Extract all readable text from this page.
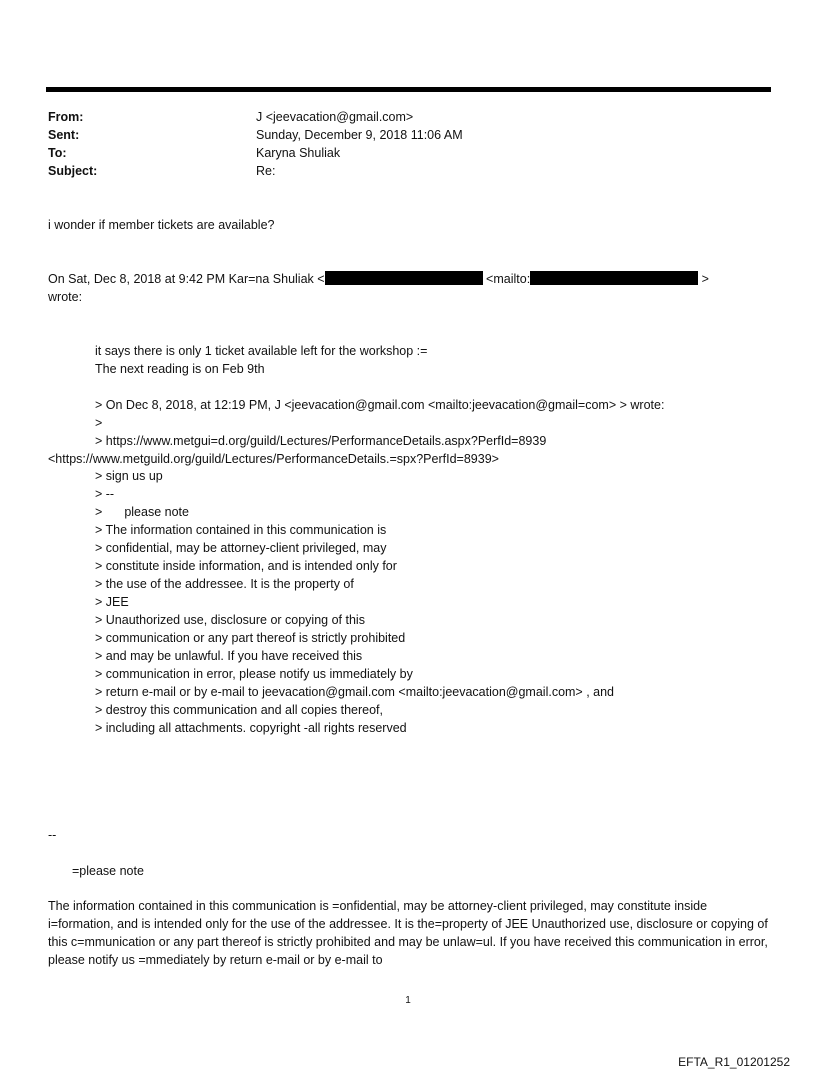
From:	J <jeevacation@gmail.com>
Sent:	Sunday, December 9, 2018 11:06 AM
To:	Karyna Shuliak
Subject:	Re:
i wonder if member tickets are available?
On Sat, Dec 8, 2018 at 9:42 PM Kar=na Shuliak <	<mailto:	>
wrote:
it says there is only 1 ticket available left for the workshop :=
The next reading is on Feb 9th
> On Dec 8, 2018, at 12:19 PM, J <jeevacation@gmail.com <mailto:jeevacation@gmail=com> > wrote:
>
> https://www.metgui=d.org/guild/Lectures/PerformanceDetails.aspx?PerfId=8939
<https://www.metguild.org/guild/Lectures/PerformanceDetails.=spx?PerfId=8939>
> sign us up
> --
> please note
> The information contained in this communication is
> confidential, may be attorney-client privileged, may
> constitute inside information, and is intended only for
> the use of the addressee. It is the property of
> JEE
> Unauthorized use, disclosure or copying of this
> communication or any part thereof is strictly prohibited
> and may be unlawful. If you have received this
> communication in error, please notify us immediately by
> return e-mail or by e-mail to jeevacation@gmail.com <mailto:jeevacation@gmail.com> , and
> destroy this communication and all copies thereof,
> including all attachments. copyright -all rights reserved
--
=please note
The information contained in this communication is =onfidential, may be attorney-client privileged, may constitute inside i=formation, and is intended only for the use of the addressee. It is the=property of JEE Unauthorized use, disclosure or copying of this c=mmunication or any part thereof is strictly prohibited and may be unlaw=ul. If you have received this communication in error, please notify us =mmediately by return e-mail or by e-mail to
1
EFTA_R1_01201252
